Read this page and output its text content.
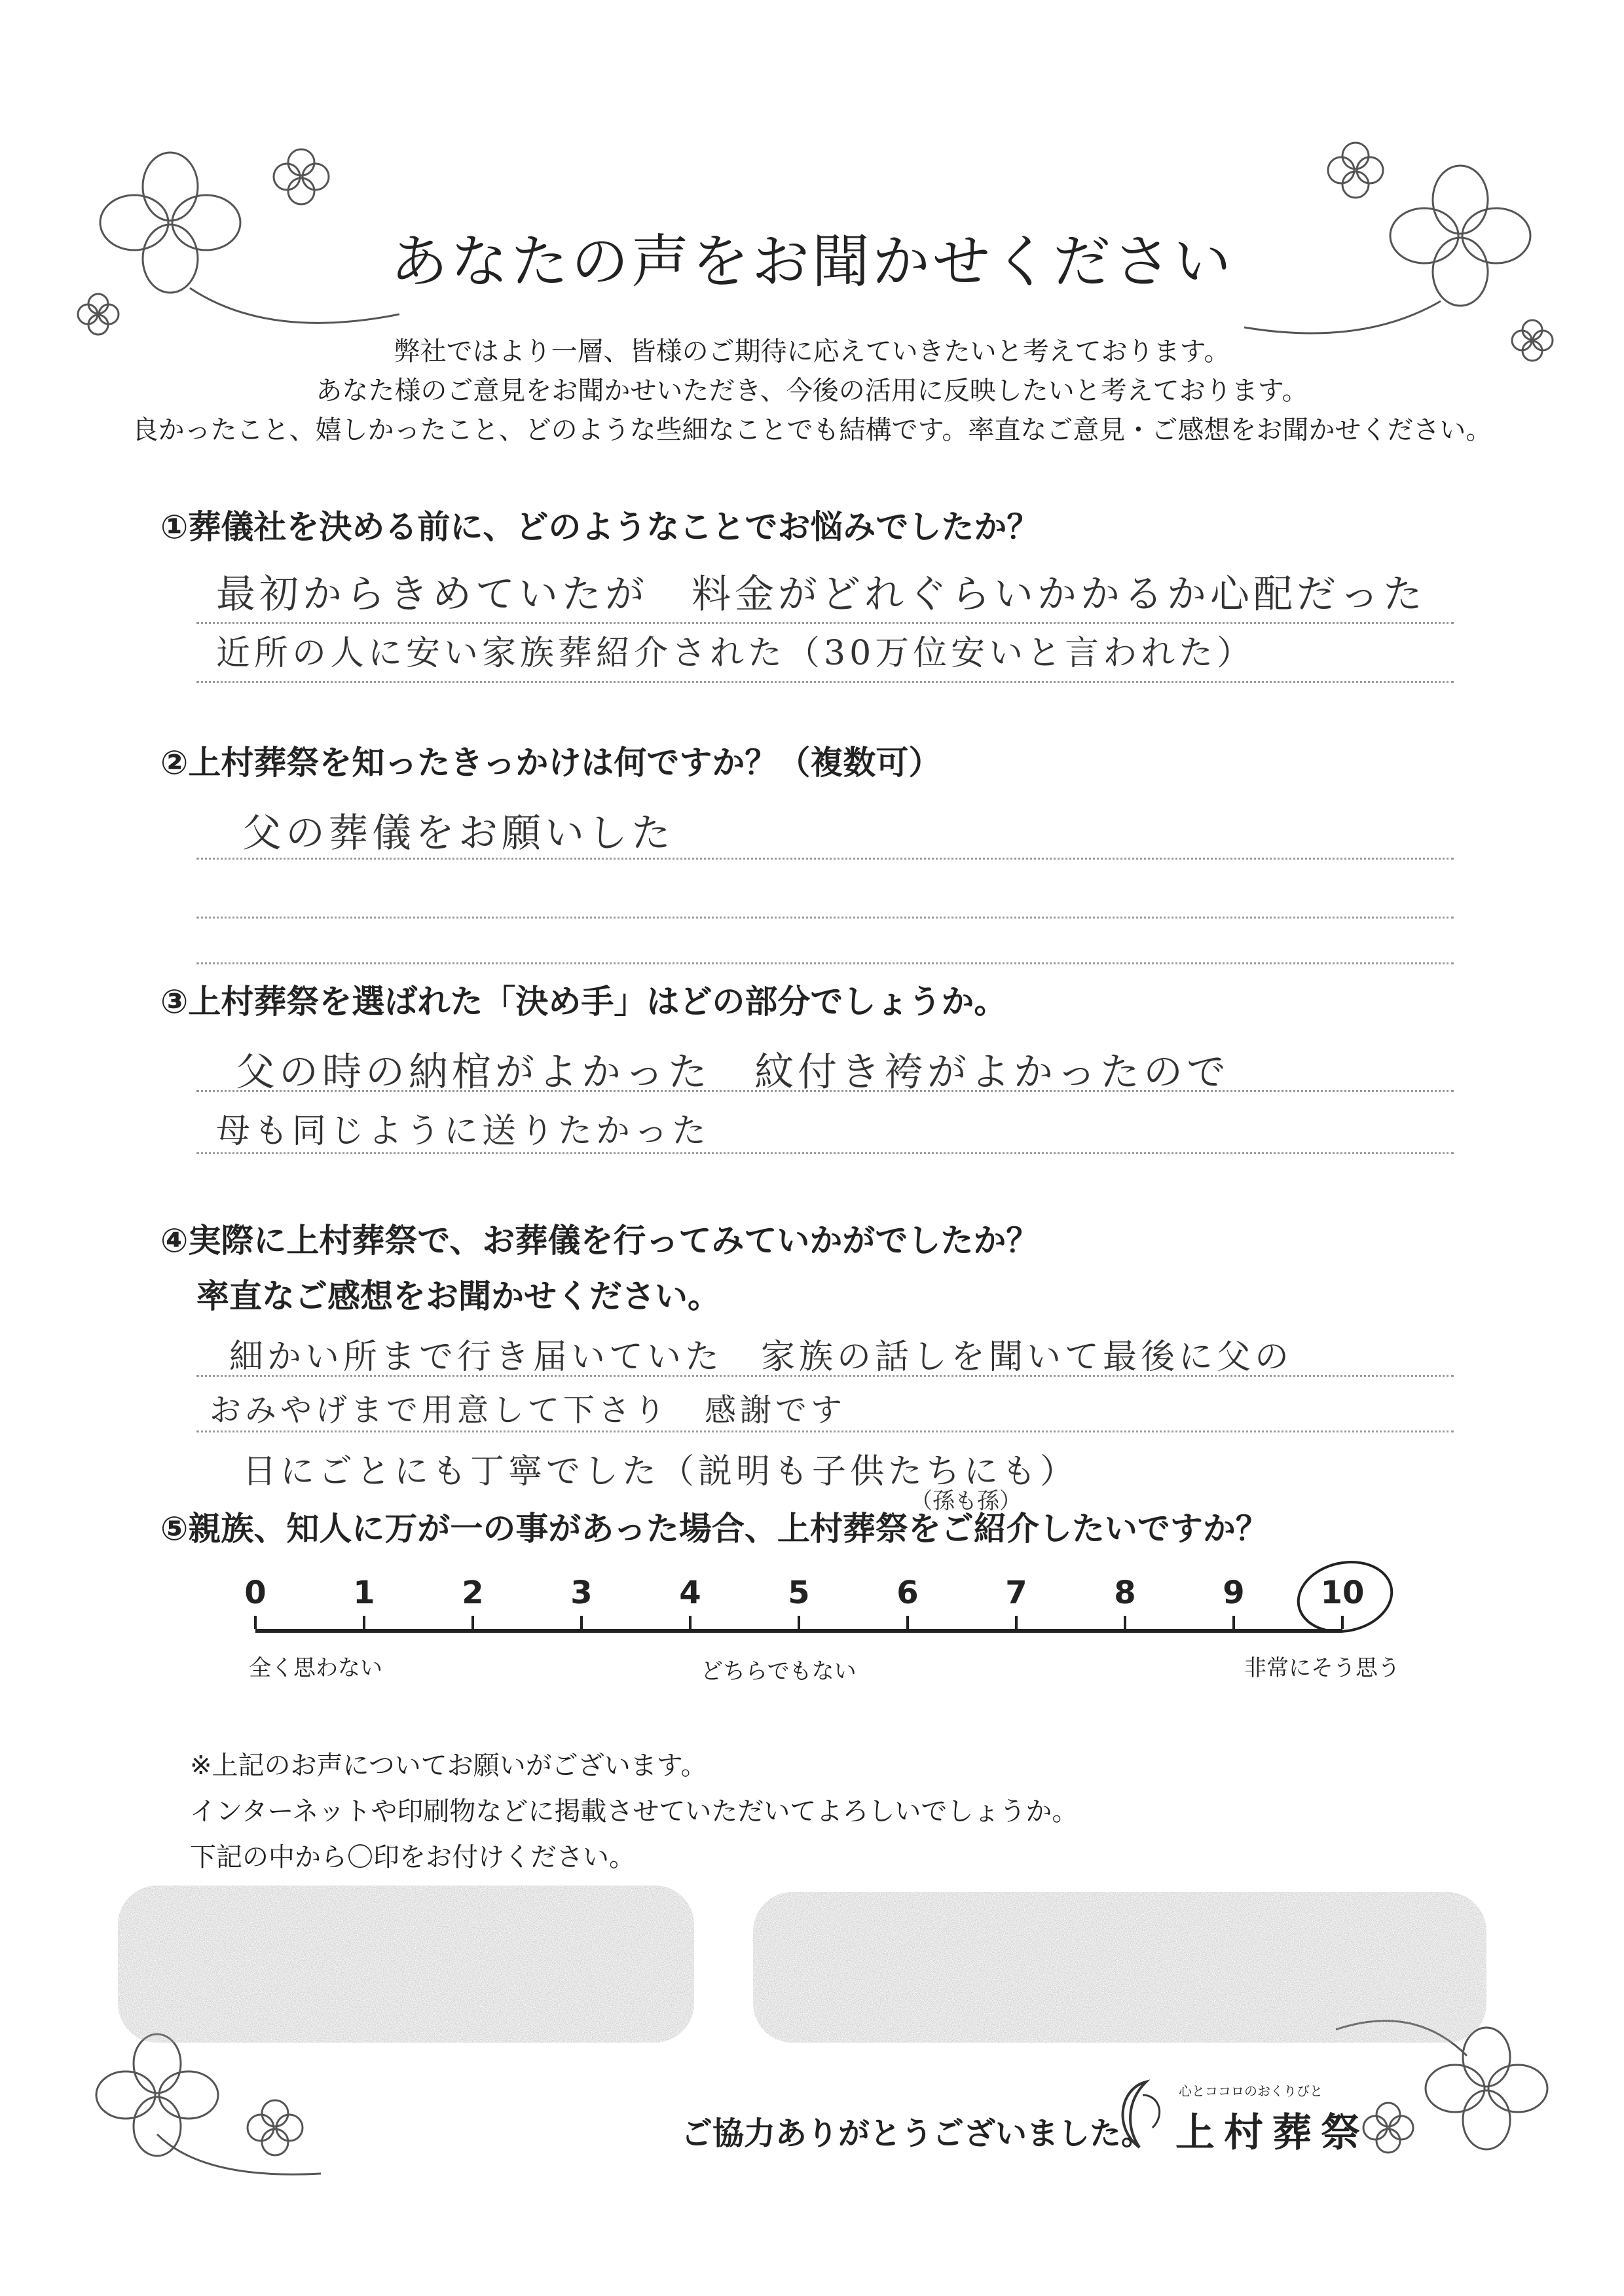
あなたの声をお聞かせください
弊社ではより一層、皆様のご期待に応えていきたいと考えております。
あなた様のご意見をお聞かせいただき、今後の活用に反映したいと考えております。
良かったこと、嬉しかったこと、どのような些細なことでも結構です。率直なご意見・ご感想をお聞かせください。
①葬儀社を決める前に、どのようなことでお悩みでしたか？
最初からきめていたが　料金がどれぐらいかかるか心配だった
近所の人に安い家族葬紹介された（30万位安いと言われた）
②上村葬祭を知ったきっかけは何ですか？（複数可）
父の葬儀をお願いした
③上村葬祭を選ばれた「決め手」はどの部分でしょうか。
父の時の納棺がよかった　紋付き袴がよかったので
母も同じように送りたかった
④実際に上村葬祭で、お葬儀を行ってみていかがでしたか？
率直なご感想をお聞かせください。
細かい所まで行き届いていた　家族の話しを聞いて最後に父の
おみやげまで用意して下さり　感謝です
日にごとにも丁寧でした（説明も子供たちにも）
（孫も孫）
⑤親族、知人に万が一の事があった場合、上村葬祭をご紹介したいですか？
0	1	2	3	4	5	6	7	8	9	10
全く思わない	どちらでもない	非常にそう思う
※上記のお声についてお願いがございます。
インターネットや印刷物などに掲載させていただいてよろしいでしょうか。
下記の中から〇印をお付けください。
ご協力ありがとうございました。
心とココロのおくりびと
上村葬祭
